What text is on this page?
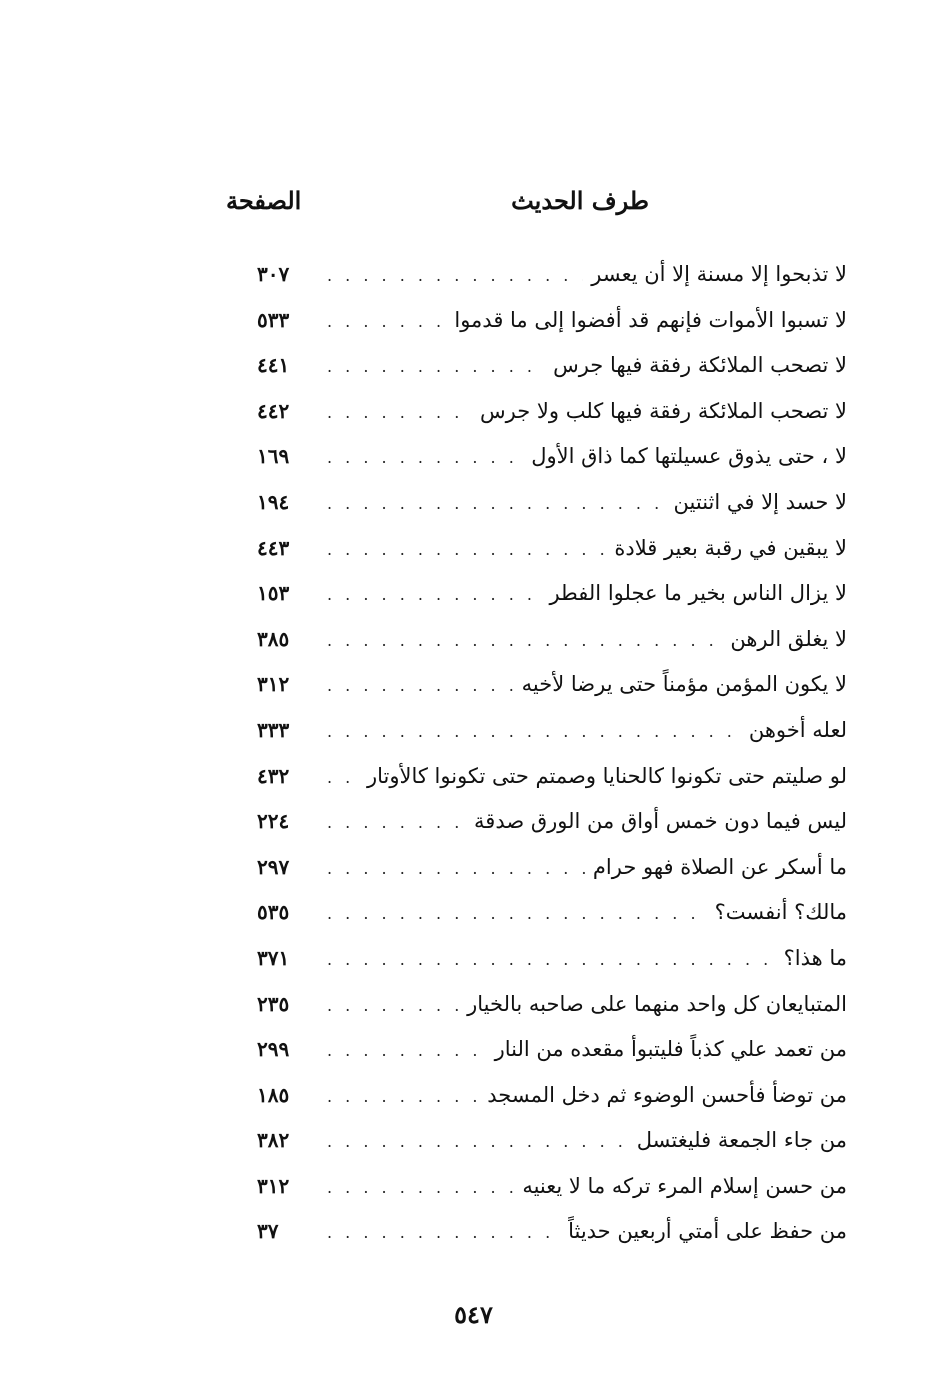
طرف الحديث
الصفحة
لا تذبحوا إلا مسنة إلا أن يعسر
. . .
٣٠٧
لا تسبوا الأموات فإنهم قد أفضوا إلى ما قدموا
. . .
٥٣٣
لا تصحب الملائكة رفقة فيها جرس
. . .
٤٤١
لا تصحب الملائكة رفقة فيها كلب ولا جرس
. . .
٤٤٢
لا ، حتى يذوق عسيلتها كما ذاق الأول
. . .
١٦٩
لا حسد إلا في اثنتين
. . .
١٩٤
لا يبقين في رقبة بعير قلادة
. . .
٤٤٣
لا يزال الناس بخير ما عجلوا الفطر
. . .
١٥٣
لا يغلق الرهن
. . .
٣٨٥
لا يكون المؤمن مؤمناً حتى يرضا لأخيه
. . .
٣١٢
لعله أخوهن
. . .
٣٣٣
لو صليتم حتى تكونوا كالحنايا وصمتم حتى تكونوا كالأوتار
. . .
٤٣٢
ليس فيما دون خمس أواق من الورق صدقة
. . .
٢٢٤
ما أسكر عن الصلاة فهو حرام
. . .
٢٩٧
مالك؟ أنفست؟
. . .
٥٣٥
ما هذا؟
. . .
٣٧١
المتبايعان كل واحد منهما على صاحبه بالخيار
. . .
٢٣٥
من تعمد علي كذباً فليتبوأ مقعده من النار
. . .
٢٩٩
من توضأ فأحسن الوضوء ثم دخل المسجد
. . .
١٨٥
من جاء الجمعة فليغتسل
. . .
٣٨٢
من حسن إسلام المرء تركه ما لا يعنيه
. . .
٣١٢
من حفظ على أمتي أربعين حديثاً
. . .
٣٧
٥٤٧
